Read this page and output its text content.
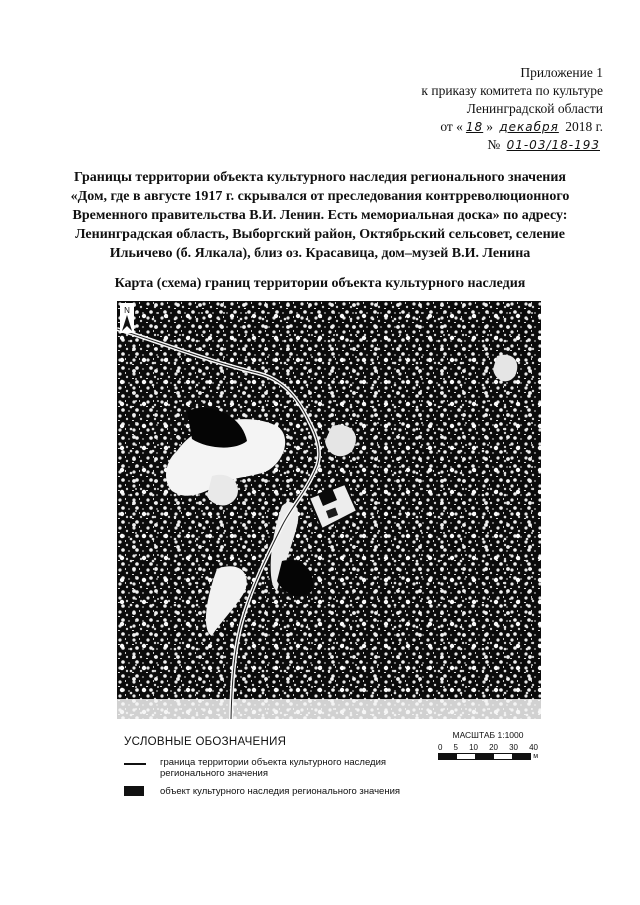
Приложение 1
к приказу комитета по культуре
Ленинградской области
от « 18 » декабря 2018 г.
№ 01-03/18-193
Границы территории объекта культурного наследия регионального значения
«Дом, где в августе 1917 г. скрывался от преследования контрреволюционного
Временного правительства В.И. Ленин. Есть мемориальная доска» по адресу:
Ленинградская область, Выборгский район, Октябрьский сельсовет, селение
Ильичево (б. Ялкала), близ оз. Красавица, дом–музей В.И. Ленина
Карта (схема) границ территории объекта культурного наследия
N
УСЛОВНЫЕ ОБОЗНАЧЕНИЯ
МАСШТАБ 1:1000
0 5 10 20 30 40
м
граница территории объекта культурного наследия регионального значения
объект культурного наследия регионального значения
